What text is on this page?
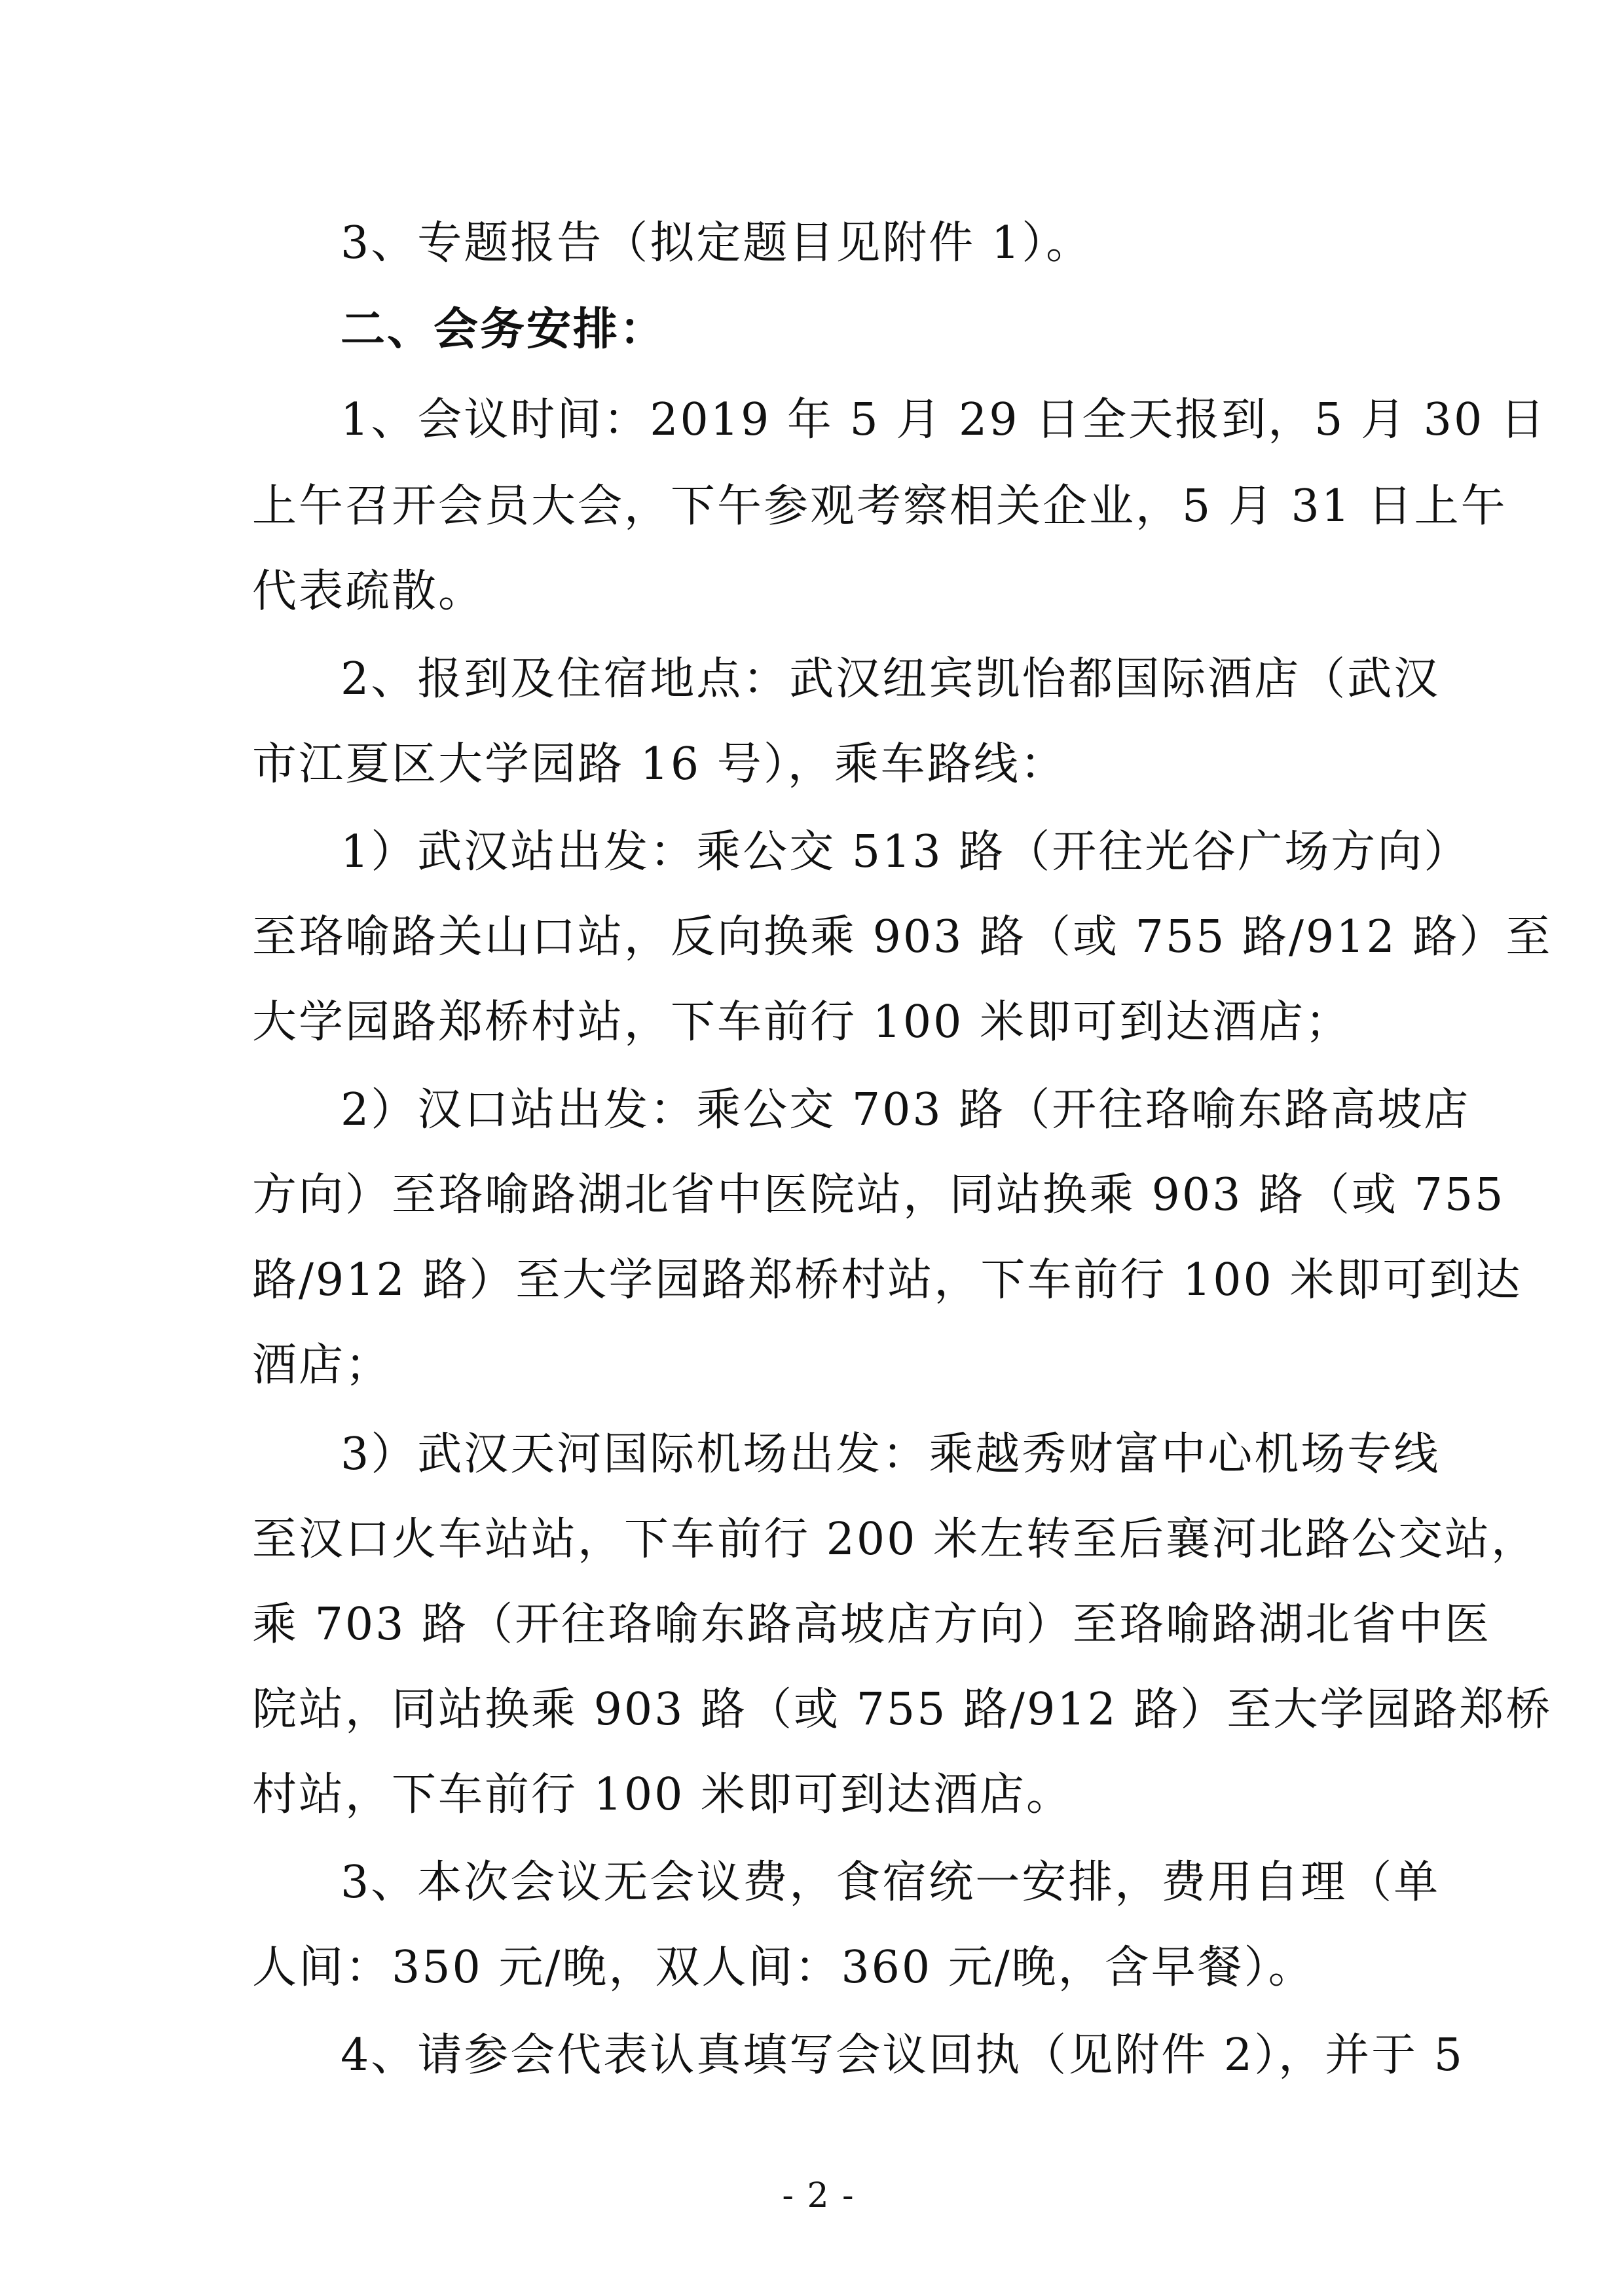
3、专题报告（拟定题目见附件 1）。
二、会务安排：
1、会议时间：2019 年 5 月 29 日全天报到，5 月 30 日
上午召开会员大会，下午参观考察相关企业，5 月 31 日上午
代表疏散。
2、报到及住宿地点：武汉纽宾凯怡都国际酒店（武汉
市江夏区大学园路 16 号），乘车路线：
1）武汉站出发：乘公交 513 路（开往光谷广场方向）
至珞喻路关山口站，反向换乘 903 路（或 755 路/912 路）至
大学园路郑桥村站，下车前行 100 米即可到达酒店；
2）汉口站出发：乘公交 703 路（开往珞喻东路高坡店
方向）至珞喻路湖北省中医院站，同站换乘 903 路（或 755
路/912 路）至大学园路郑桥村站，下车前行 100 米即可到达
酒店；
3）武汉天河国际机场出发：乘越秀财富中心机场专线
至汉口火车站站，下车前行 200 米左转至后襄河北路公交站，
乘 703 路（开往珞喻东路高坡店方向）至珞喻路湖北省中医
院站，同站换乘 903 路（或 755 路/912 路）至大学园路郑桥
村站，下车前行 100 米即可到达酒店。
3、本次会议无会议费，食宿统一安排，费用自理（单
人间：350 元/晚，双人间：360 元/晚，含早餐）。
4、请参会代表认真填写会议回执（见附件 2），并于 5
- 2 -
